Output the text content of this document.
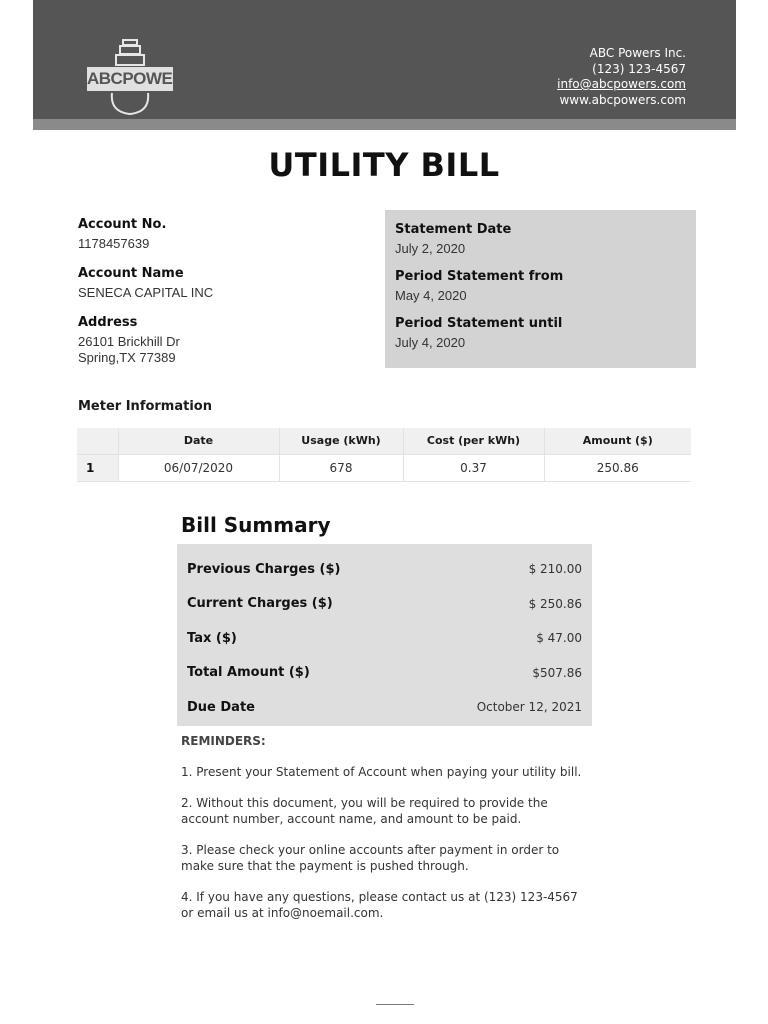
ABCPOWERS
ABC Powers Inc.
(123) 123-4567
info@abcpowers.com
www.abcpowers.com
UTILITY BILL
Account No.
1178457639
Account Name
SENECA CAPITAL INC
Address
26101 Brickhill Dr
Spring,TX 77389
Statement Date
July 2, 2020
Period Statement from
May 4, 2020
Period Statement until
July 4, 2020
Meter Information
	Date	Usage (kWh)	Cost (per kWh)	Amount ($)
1	06/07/2020	678	0.37	250.86
Bill Summary
Previous Charges ($)	$ 210.00
Current Charges ($)	$ 250.86
Tax ($)	$ 47.00
Total Amount ($)	$507.86
Due Date	October 12, 2021
REMINDERS:

1. Present your Statement of Account when paying your utility bill.

2. Without this document, you will be required to provide the account number, account name, and amount to be paid.

3. Please check your online accounts after payment in order to make sure that the payment is pushed through.

4. If you have any questions, please contact us at (123) 123-4567 or email us at info@noemail.com.
